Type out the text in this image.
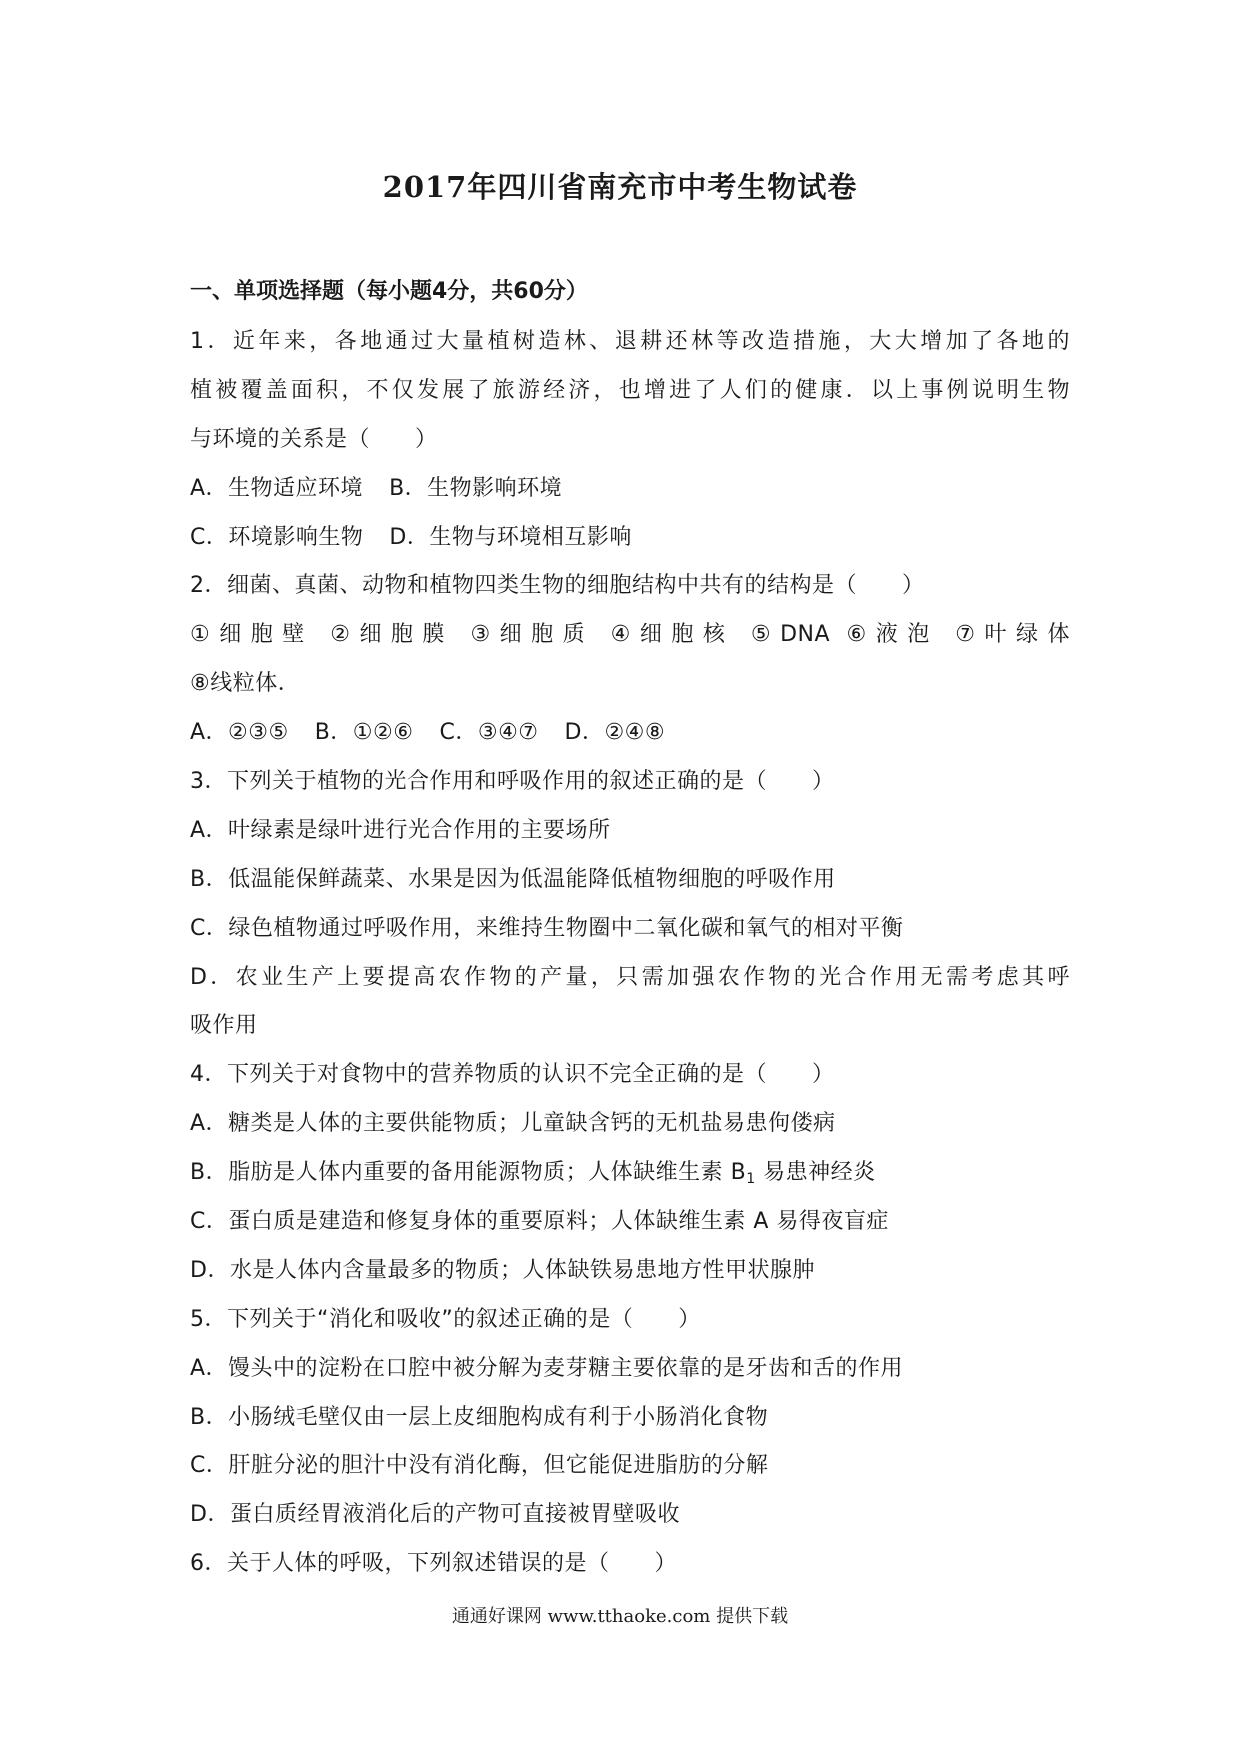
2017年四川省南充市中考生物试卷
一、单项选择题（每小题4分，共60分）
1．近年来，各地通过大量植树造林、退耕还林等改造措施，大大增加了各地的
植被覆盖面积，不仅发展了旅游经济，也增进了人们的健康．以上事例说明生物
与环境的关系是（　　）
A．生物适应环境 B．生物影响环境
C．环境影响生物 D．生物与环境相互影响
2．细菌、真菌、动物和植物四类生物的细胞结构中共有的结构是（　　）
①细胞壁 ②细胞膜 ③细胞质 ④细胞核 ⑤DNA ⑥液泡 ⑦叶绿体
⑧线粒体．
A．②③⑤ B．①②⑥ C．③④⑦ D．②④⑧
3．下列关于植物的光合作用和呼吸作用的叙述正确的是（　　）
A．叶绿素是绿叶进行光合作用的主要场所
B．低温能保鲜蔬菜、水果是因为低温能降低植物细胞的呼吸作用
C．绿色植物通过呼吸作用，来维持生物圈中二氧化碳和氧气的相对平衡
D．农业生产上要提高农作物的产量，只需加强农作物的光合作用无需考虑其呼
吸作用
4．下列关于对食物中的营养物质的认识不完全正确的是（　　）
A．糖类是人体的主要供能物质；儿童缺含钙的无机盐易患佝偻病
B．脂肪是人体内重要的备用能源物质；人体缺维生素 $B_1$ 易患神经炎
C．蛋白质是建造和修复身体的重要原料；人体缺维生素 A 易得夜盲症
D．水是人体内含量最多的物质；人体缺铁易患地方性甲状腺肿
5．下列关于“消化和吸收”的叙述正确的是（　　）
A．馒头中的淀粉在口腔中被分解为麦芽糖主要依靠的是牙齿和舌的作用
B．小肠绒毛壁仅由一层上皮细胞构成有利于小肠消化食物
C．肝脏分泌的胆汁中没有消化酶，但它能促进脂肪的分解
D．蛋白质经胃液消化后的产物可直接被胃壁吸收
6．关于人体的呼吸，下列叙述错误的是（　　）
通通好课网 www.tthaoke.com 提供下载
